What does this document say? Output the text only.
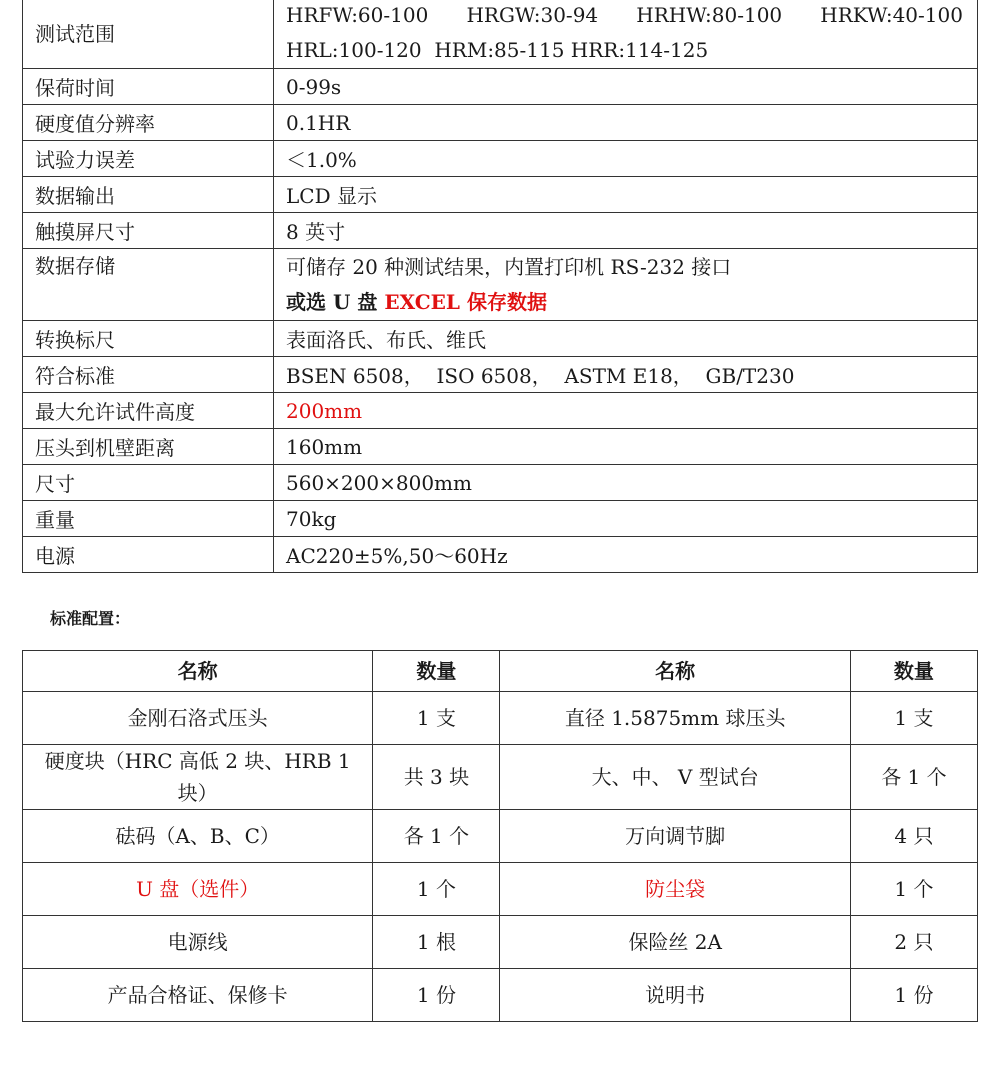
测试范围	HRFW:60-100 HRGW:30-94 HRHW:80-100 HRKW:40-100
HRL:100-120  HRM:85-115 HRR:114-125

保荷时间	0-99s
硬度值分辨率	0.1HR
试验力误差	＜1.0%
数据输出	LCD 显示
触摸屏尺寸	8 英寸

数据存储	可储存 20 种测试结果，内置打印机 RS-232 接口
或选 U 盘 EXCEL 保存数据

转换标尺	表面洛氏、布氏、维氏
符合标准	BSEN 6508，  ISO 6508，  ASTM E18，  GB/T230
最大允许试件高度	200mm
压头到机壁距离	160mm
尺寸	560×200×800mm
重量	70kg
电源	AC220±5%,50～60Hz
标准配置：
名称	数量	名称	数量
金刚石洛式压头	1 支	直径 1.5875mm 球压头	1 支
硬度块（HRC 高低 2 块、HRB 1 块）	共 3 块	大、中、 V 型试台	各 1 个
砝码（A、B、C）	各 1 个	万向调节脚	4 只
U 盘（选件）	1 个	防尘袋	1 个
电源线	1 根	保险丝 2A	2 只
产品合格证、保修卡	1 份	说明书	1 份
